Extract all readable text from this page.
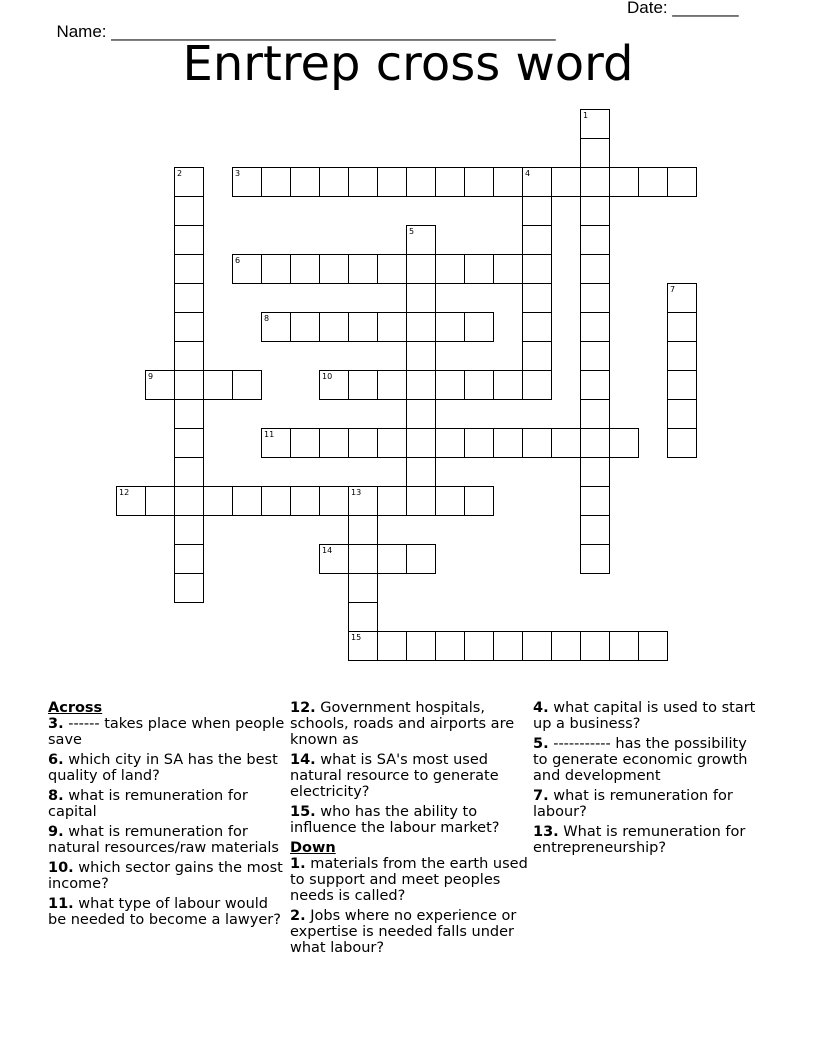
Name: _______________________________________________

Date: _______

Enrtrep cross word
1
2	3	4
5
6
7
8
9	10
11
12	13
14
15

Across

3. ------ takes place when people save
6. which city in SA has the best quality of land?
8. what is remuneration for capital
9. what is remuneration for natural resources/raw materials
10. which sector gains the most income?
11. what type of labour would be needed to become a lawyer?
12. Government hospitals, schools, roads and airports are known as
14. what is SA's most used natural resource to generate electricity?
15. who has the ability to influence the labour market?

Down

1. materials from the earth used to support and meet peoples needs is called?
2. Jobs where no experience or expertise is needed falls under what labour?
4. what capital is used to start up a business?
5. ----------- has the possibility to generate economic growth and development
7. what is remuneration for labour?
13. What is remuneration for entrepreneurship?
